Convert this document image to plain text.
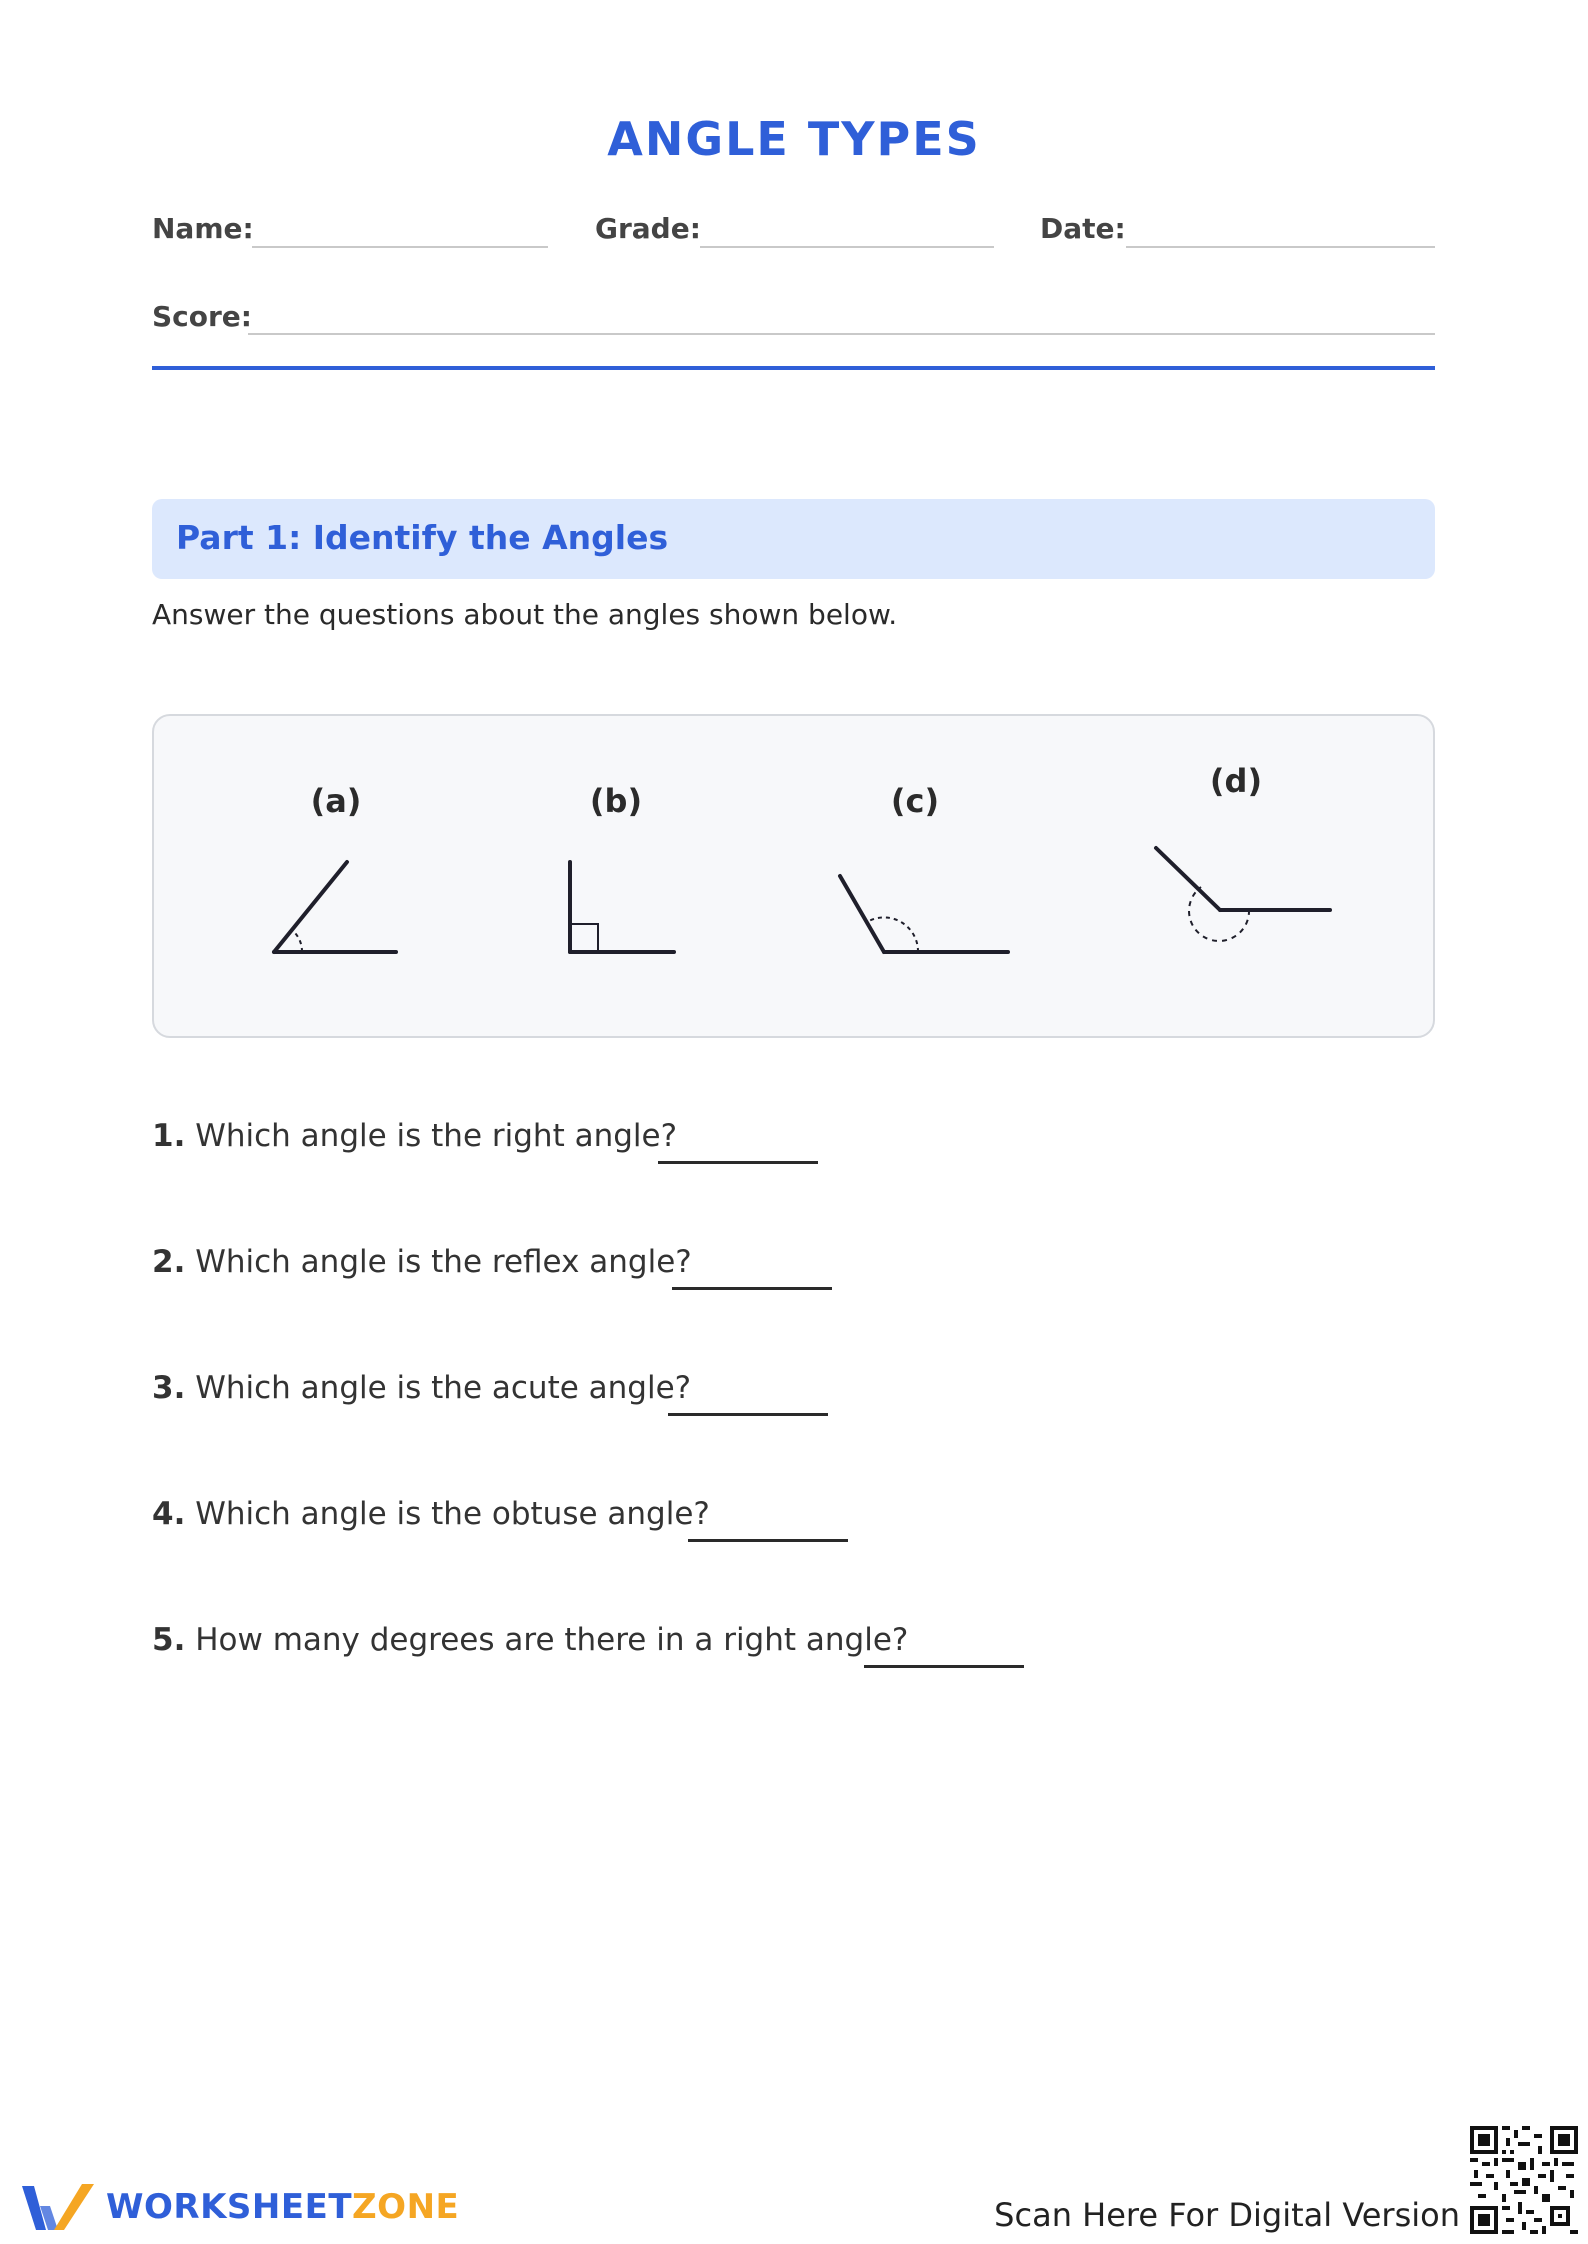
ANGLE TYPES
Name:	Grade:	Date:
Score:
Part 1: Identify the Angles
Answer the questions about the angles shown below.
(a)	(b)	(c)
(d)
1. Which angle is the right angle?
2. Which angle is the reflex angle?
3. Which angle is the acute angle?
4. Which angle is the obtuse angle?
5. How many degrees are there in a right angle?
WORKSHEETZONE	Scan Here For Digital Version
